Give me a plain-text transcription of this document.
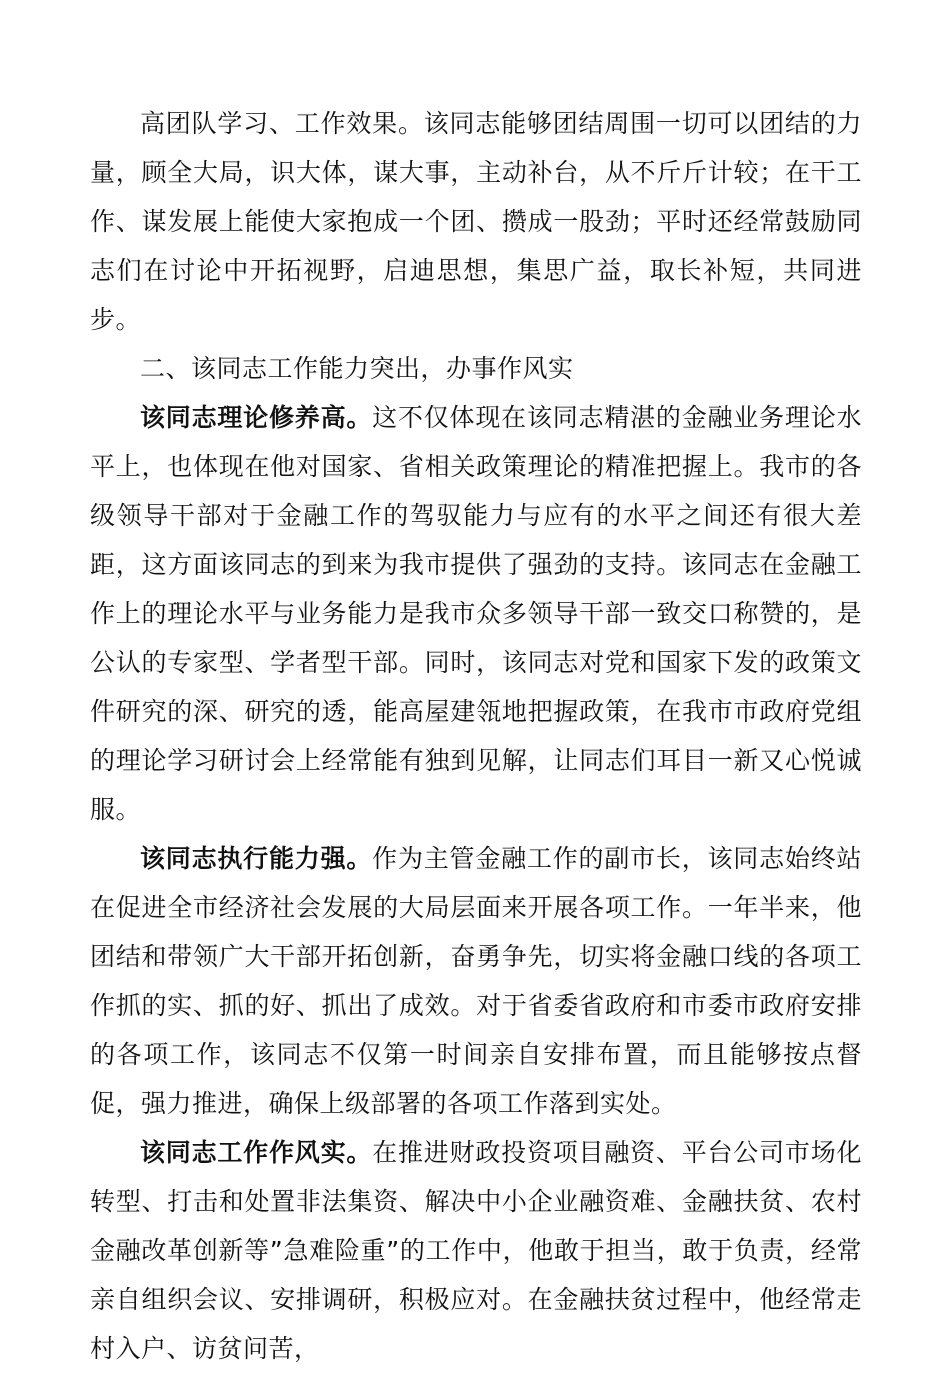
高团队学习、工作效果。该同志能够团结周围一切可以团结的力量，顾全大局，识大体，谋大事，主动补台，从不斤斤计较；在干工作、谋发展上能使大家抱成一个团、攒成一股劲；平时还经常鼓励同志们在讨论中开拓视野，启迪思想，集思广益，取长补短，共同进步。

二、该同志工作能力突出，办事作风实

该同志理论修养高。这不仅体现在该同志精湛的金融业务理论水平上，也体现在他对国家、省相关政策理论的精准把握上。我市的各级领导干部对于金融工作的驾驭能力与应有的水平之间还有很大差距，这方面该同志的到来为我市提供了强劲的支持。该同志在金融工作上的理论水平与业务能力是我市众多领导干部一致交口称赞的，是公认的专家型、学者型干部。同时，该同志对党和国家下发的政策文件研究的深、研究的透，能高屋建瓴地把握政策，在我市市政府党组的理论学习研讨会上经常能有独到见解，让同志们耳目一新又心悦诚服。

该同志执行能力强。作为主管金融工作的副市长，该同志始终站在促进全市经济社会发展的大局层面来开展各项工作。一年半来，他团结和带领广大干部开拓创新，奋勇争先，切实将金融口线的各项工作抓的实、抓的好、抓出了成效。对于省委省政府和市委市政府安排的各项工作，该同志不仅第一时间亲自安排布置，而且能够按点督促，强力推进，确保上级部署的各项工作落到实处。

该同志工作作风实。在推进财政投资项目融资、平台公司市场化转型、打击和处置非法集资、解决中小企业融资难、金融扶贫、农村金融改革创新等”急难险重”的工作中，他敢于担当，敢于负责，经常亲自组织会议、安排调研，积极应对。在金融扶贫过程中，他经常走村入户、访贫问苦，
